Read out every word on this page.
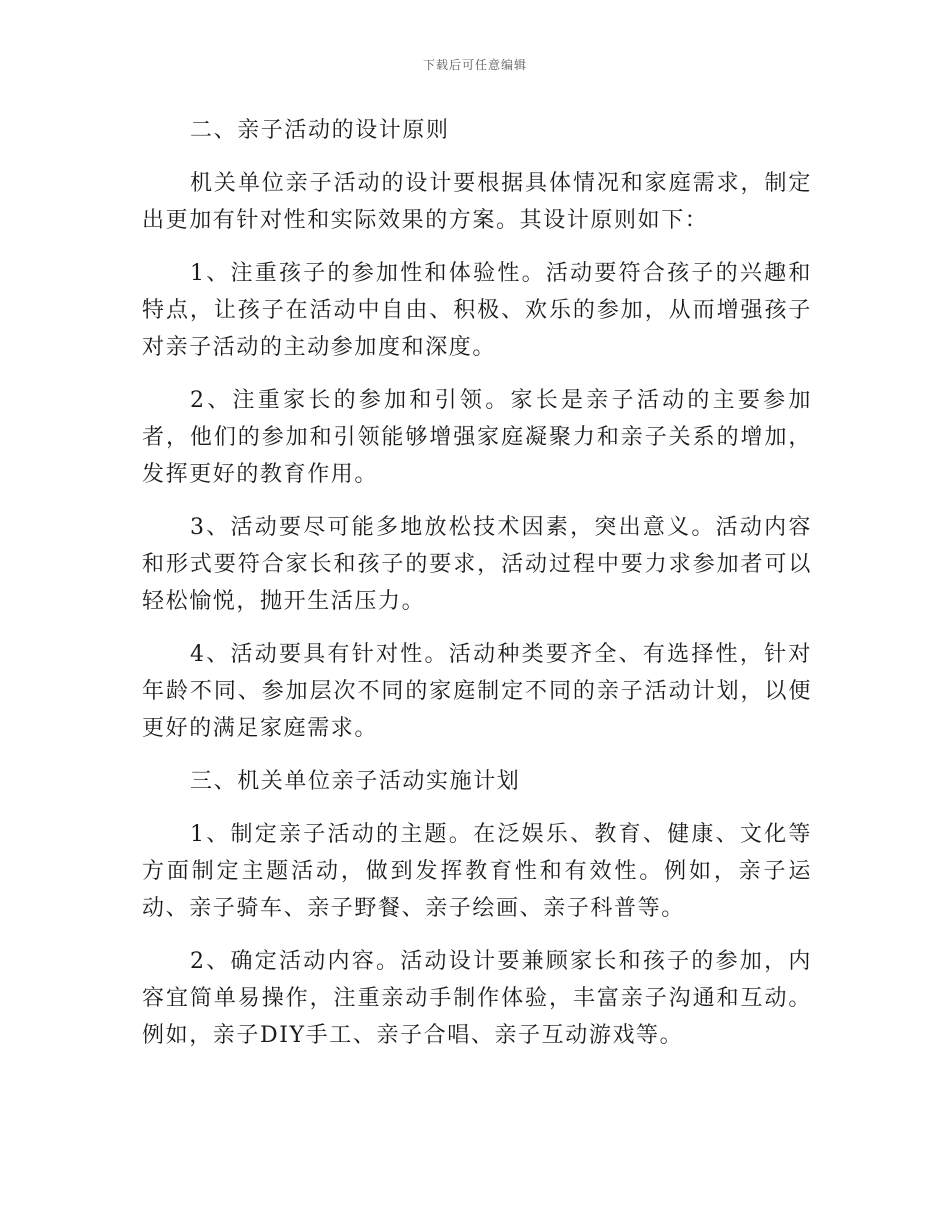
下载后可任意编辑

二、亲子活动的设计原则

机关单位亲子活动的设计要根据具体情况和家庭需求，制定出更加有针对性和实际效果的方案。其设计原则如下：

1、注重孩子的参加性和体验性。活动要符合孩子的兴趣和特点，让孩子在活动中自由、积极、欢乐的参加，从而增强孩子对亲子活动的主动参加度和深度。

2、注重家长的参加和引领。家长是亲子活动的主要参加者，他们的参加和引领能够增强家庭凝聚力和亲子关系的增加，发挥更好的教育作用。

3、活动要尽可能多地放松技术因素，突出意义。活动内容和形式要符合家长和孩子的要求，活动过程中要力求参加者可以轻松愉悦，抛开生活压力。

4、活动要具有针对性。活动种类要齐全、有选择性，针对年龄不同、参加层次不同的家庭制定不同的亲子活动计划，以便更好的满足家庭需求。

三、机关单位亲子活动实施计划

1、制定亲子活动的主题。在泛娱乐、教育、健康、文化等方面制定主题活动，做到发挥教育性和有效性。例如，亲子运动、亲子骑车、亲子野餐、亲子绘画、亲子科普等。

2、确定活动内容。活动设计要兼顾家长和孩子的参加，内容宜简单易操作，注重亲动手制作体验，丰富亲子沟通和互动。例如，亲子DIY手工、亲子合唱、亲子互动游戏等。
